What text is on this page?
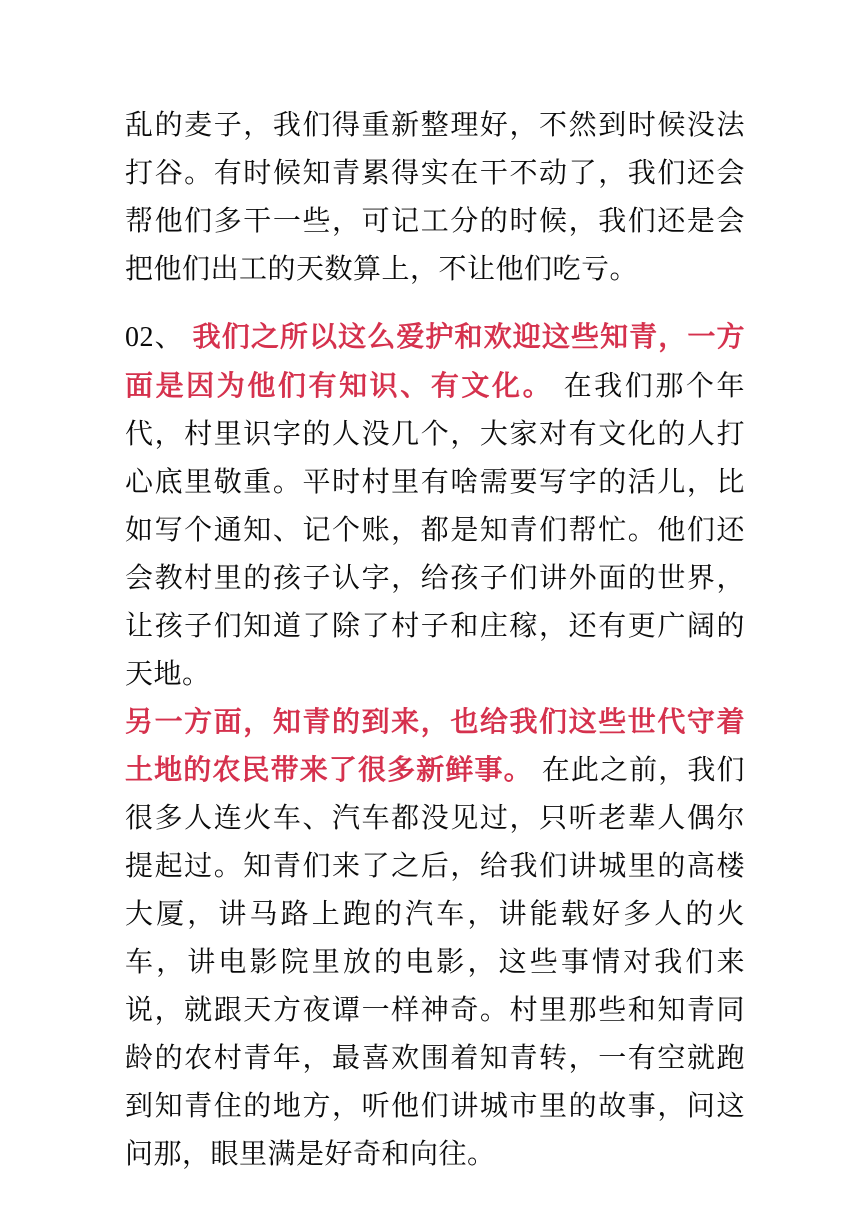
乱的麦子，我们得重新整理好，不然到时候没法打谷。有时候知青累得实在干不动了，我们还会帮他们多干一些，可记工分的时候，我们还是会把他们出工的天数算上，不让他们吃亏。

02、 我们之所以这么爱护和欢迎这些知青，一方面是因为他们有知识、有文化。 在我们那个年代，村里识字的人没几个，大家对有文化的人打心底里敬重。平时村里有啥需要写字的活儿，比如写个通知、记个账，都是知青们帮忙。他们还会教村里的孩子认字，给孩子们讲外面的世界，让孩子们知道了除了村子和庄稼，还有更广阔的天地。

另一方面，知青的到来，也给我们这些世代守着土地的农民带来了很多新鲜事。 在此之前，我们很多人连火车、汽车都没见过，只听老辈人偶尔提起过。知青们来了之后，给我们讲城里的高楼大厦，讲马路上跑的汽车，讲能载好多人的火车，讲电影院里放的电影，这些事情对我们来说，就跟天方夜谭一样神奇。村里那些和知青同龄的农村青年，最喜欢围着知青转，一有空就跑到知青住的地方，听他们讲城市里的故事，问这问那，眼里满是好奇和向往。
